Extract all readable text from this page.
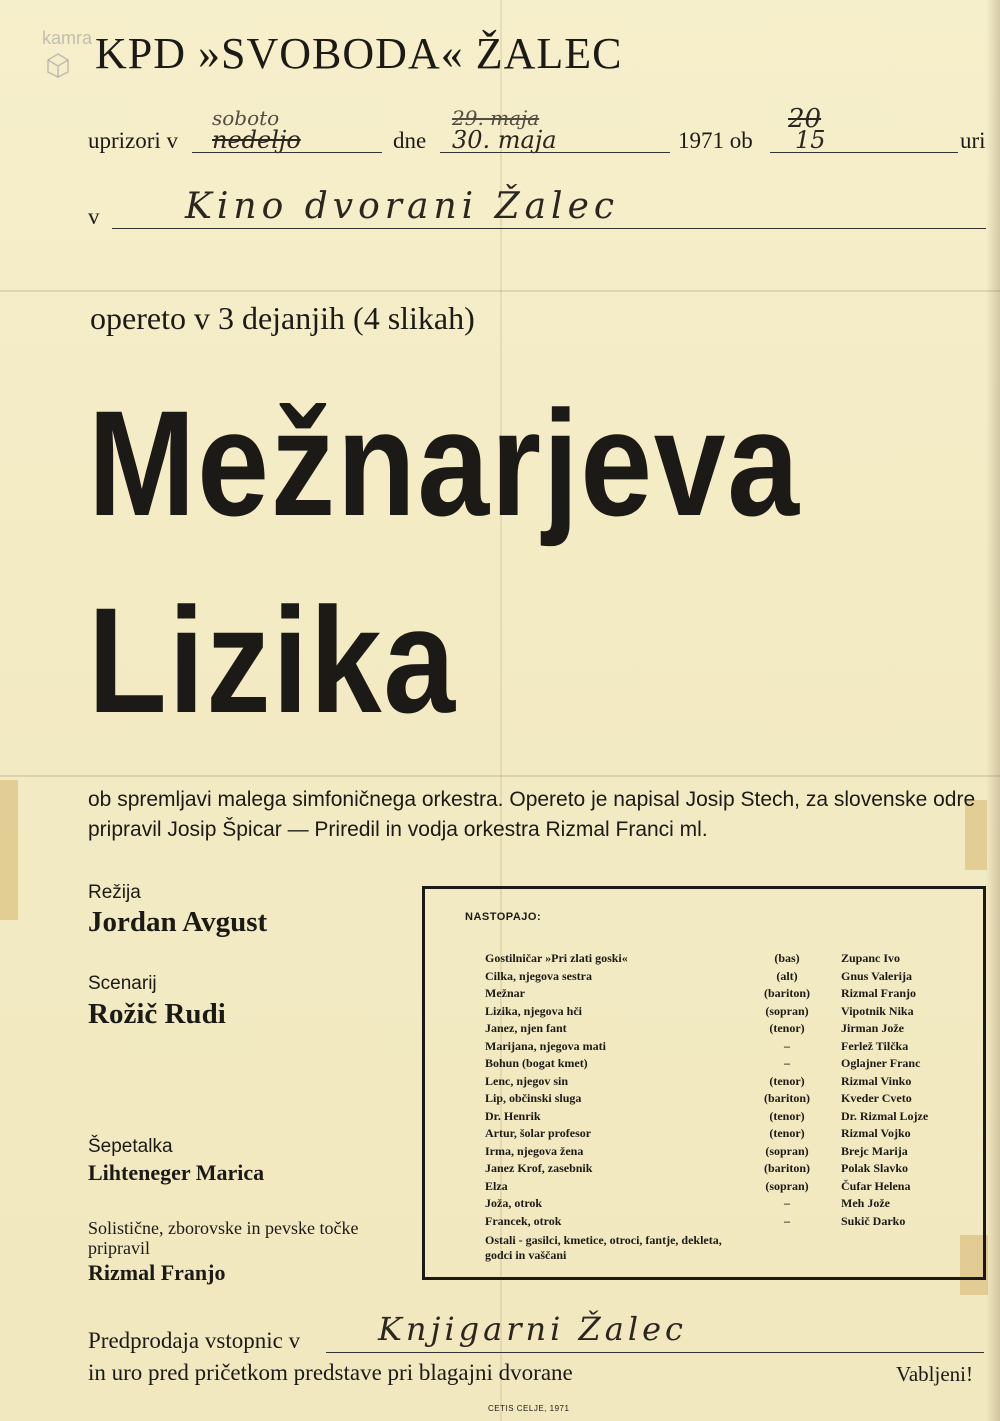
kamra KPD »SVOBODA« ŽALEC
uprizori v
soboto
nedeljo	dne
29. maja
30. maja	1971 ob
20
15	uri
v Kino dvorani Žalec
opereto v 3 dejanjih (4 slikah)
Mežnarjeva
Lizika
ob spremljavi malega simfoničnega orkestra. Opereto je napisal Josip Stech, za slovenske odre pripravil Josip Špicar — Priredil in vodja orkestra Rizmal Franci ml.
Režija
Jordan Avgust
Scenarij
Rožič Rudi
Šepetalka
Lihteneger Marica
Solistične, zborovske in pevske točke pripravil
Rizmal Franjo
NASTOPAJO:
Gostilničar »Pri zlati goski«	(bas)	Zupanc Ivo
Cilka, njegova sestra	(alt)	Gnus Valerija
Mežnar	(bariton)	Rizmal Franjo
Lizika, njegova hči	(sopran)	Vipotnik Nika
Janez, njen fant	(tenor)	Jirman Jože
Marijana, njegova mati	–	Ferlež Tilčka
Bohun (bogat kmet)	–	Oglajner Franc
Lenc, njegov sin	(tenor)	Rizmal Vinko
Lip, občinski sluga	(bariton)	Kveder Cveto
Dr. Henrik	(tenor)	Dr. Rizmal Lojze
Artur, šolar profesor	(tenor)	Rizmal Vojko
Irma, njegova žena	(sopran)	Brejc Marija
Janez Krof, zasebnik	(bariton)	Polak Slavko
Elza	(sopran)	Čufar Helena
Joža, otrok	–	Meh Jože
Francek, otrok	–	Sukič Darko
Ostali - gasilci, kmetice, otroci, fantje, dekleta, godci in vaščani
Predprodaja vstopnic v Knjigarni Žalec
in uro pred pričetkom predstave pri blagajni dvorane	Vabljeni!
CETIS CELJE, 1971
